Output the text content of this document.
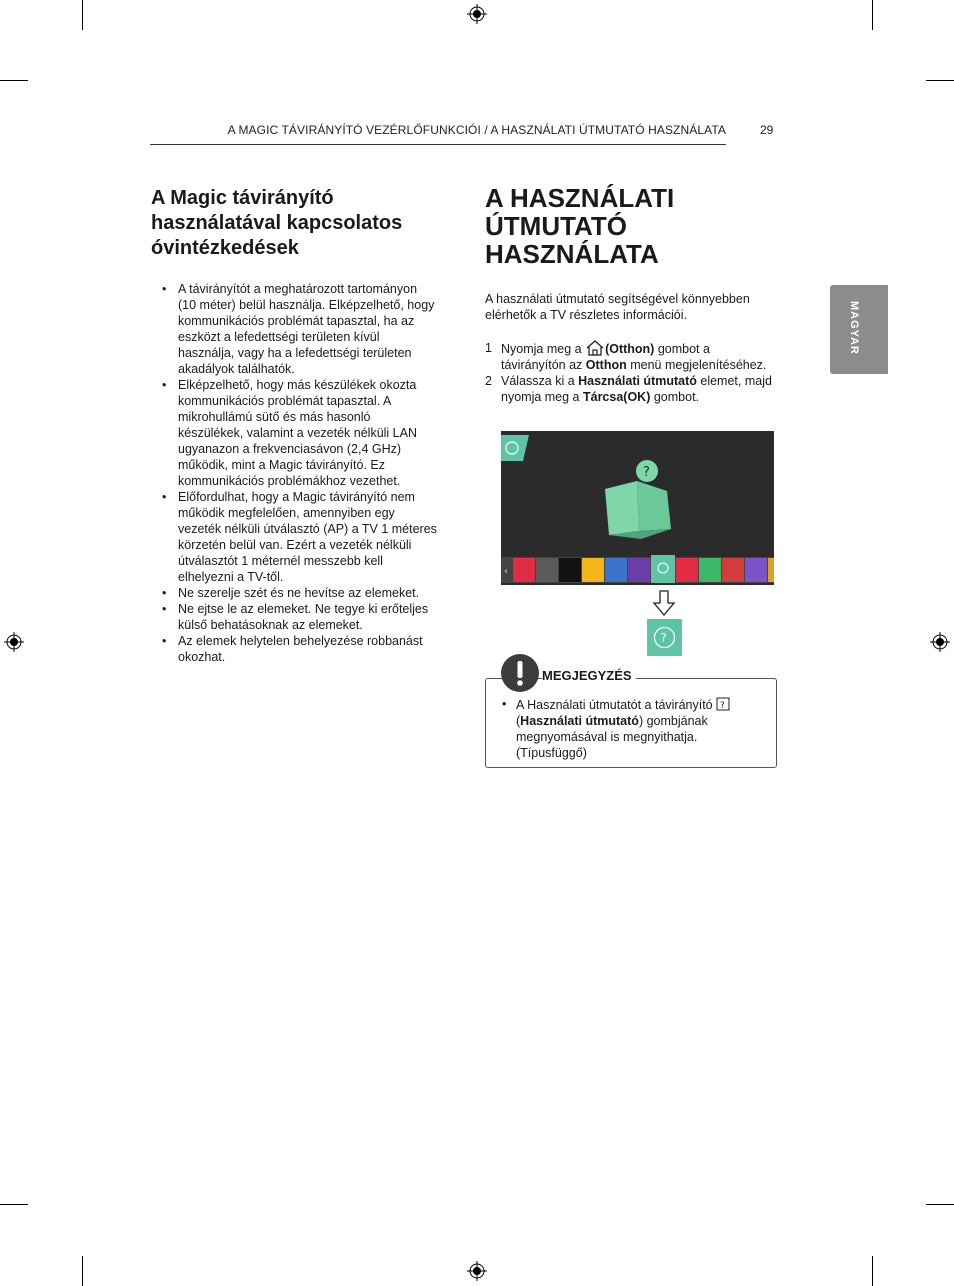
A MAGIC TÁVIRÁNYÍTÓ VEZÉRLŐFUNKCIÓI / A HASZNÁLATI ÚTMUTATÓ HASZNÁLATA	29
MAGYAR
A Magic távirányító használatával kapcsolatos óvintézkedések
• A távirányítót a meghatározott tartományon (10 méter) belül használja. Elképzelhető, hogy kommunikációs problémát tapasztal, ha az eszközt a lefedettségi területen kívül használja, vagy ha a lefedettségi területen akadályok találhatók.
• Elképzelhető, hogy más készülékek okozta kommunikációs problémát tapasztal. A mikrohullámú sütő és más hasonló készülékek, valamint a vezeték nélküli LAN ugyanazon a frekvenciasávon (2,4 GHz) működik, mint a Magic távirányító. Ez kommunikációs problémákhoz vezethet.
• Előfordulhat, hogy a Magic távirányító nem működik megfelelően, amennyiben egy vezeték nélküli útválasztó (AP) a TV 1 méteres körzetén belül van. Ezért a vezeték nélküli útválasztót 1 méternél messzebb kell elhelyezni a TV-től.
• Ne szerelje szét és ne hevítse az elemeket.
• Ne ejtse le az elemeket. Ne tegye ki erőteljes külső behatásoknak az elemeket.
• Az elemek helytelen behelyezése robbanást okozhat.
A HASZNÁLATI ÚTMUTATÓ HASZNÁLATA
A használati útmutató segítségével könnyebben elérhetők a TV részletes információi.
1 Nyomja meg a (Otthon) gombot a távirányítón az Otthon menü megjelenítéséhez.
2 Válassza ki a Használati útmutató elemet, majd nyomja meg a Tárcsa(OK) gombot.
?
‹
?
MEGJEGYZÉS
• A Használati útmutatót a távirányító ?
(Használati útmutató) gombjának megnyomásával is megnyithatja. (Típusfüggő)
